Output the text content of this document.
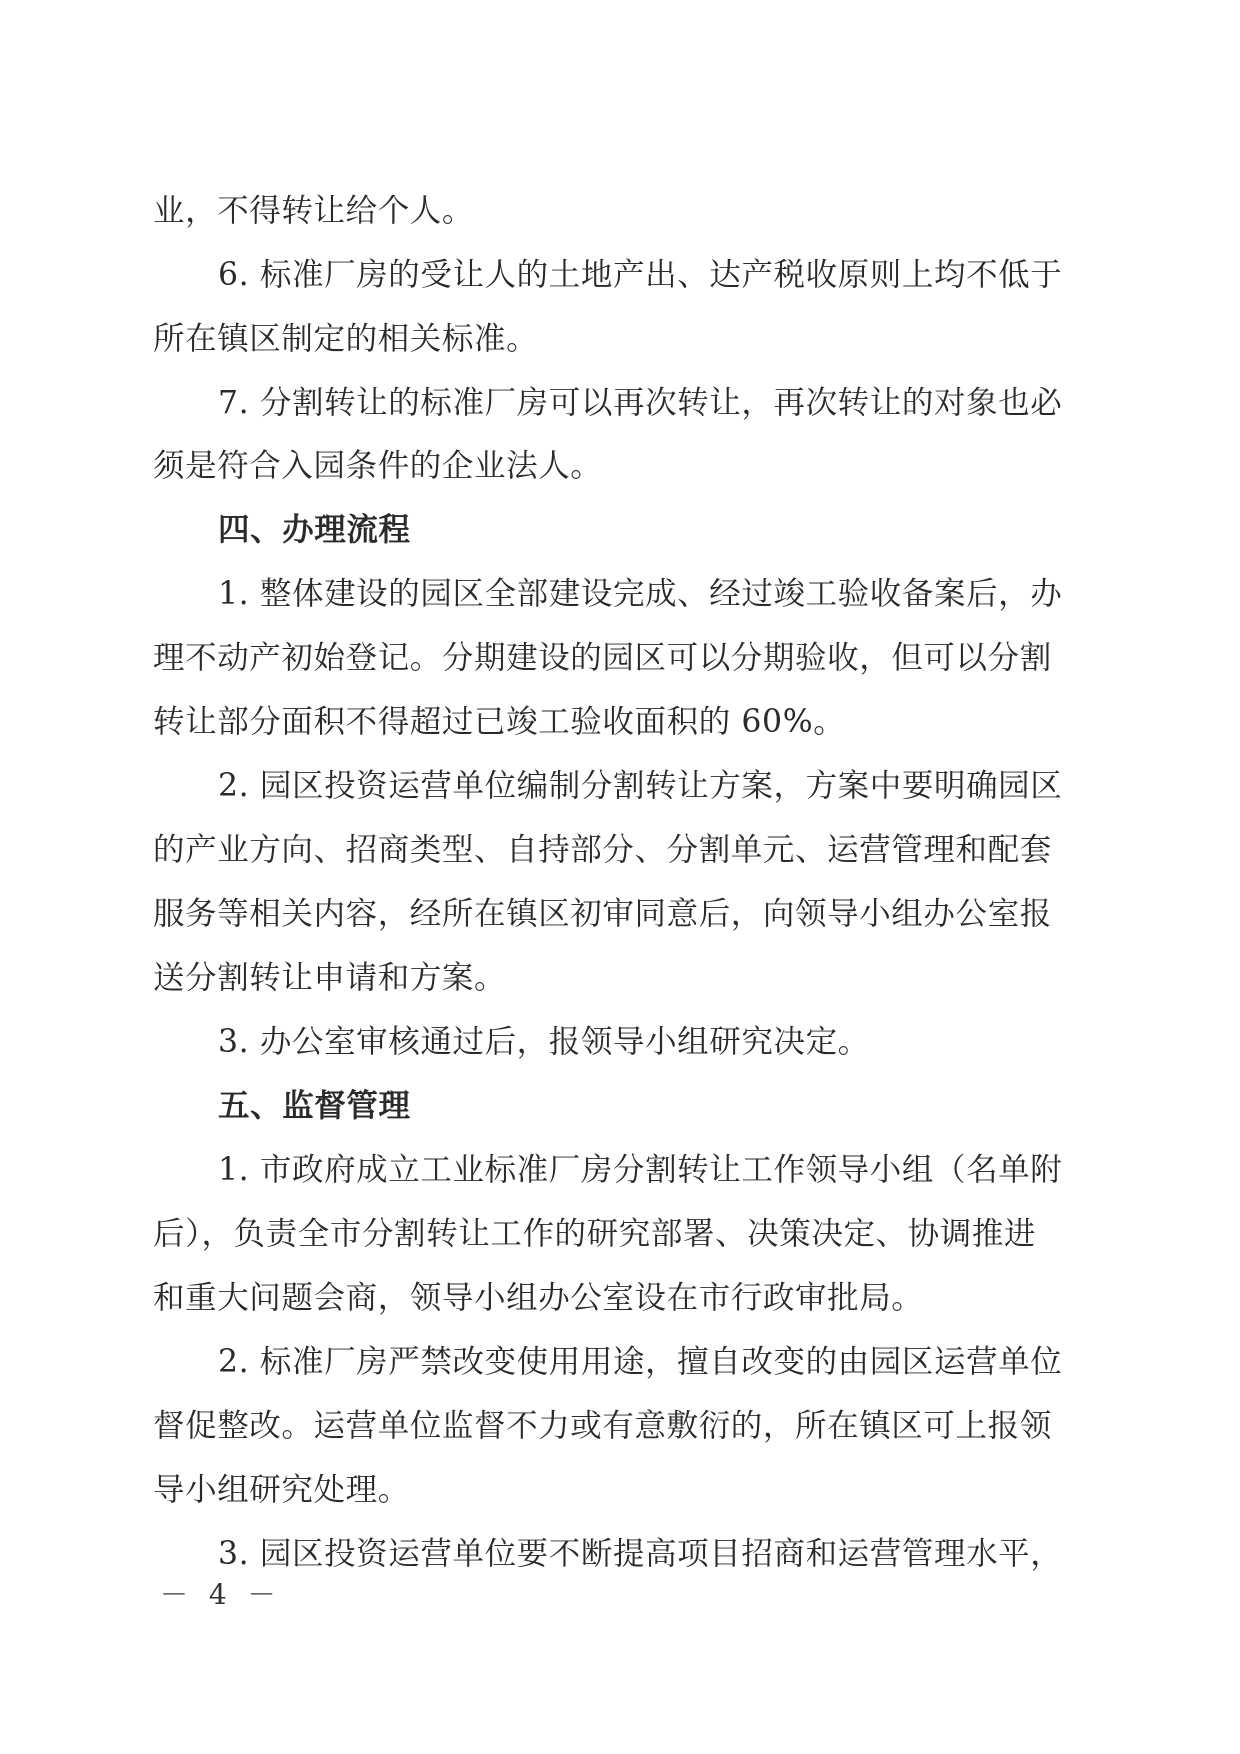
业，不得转让给个人。
6. 标准厂房的受让人的土地产出、达产税收原则上均不低于
所在镇区制定的相关标准。
7. 分割转让的标准厂房可以再次转让，再次转让的对象也必
须是符合入园条件的企业法人。
四、办理流程
1. 整体建设的园区全部建设完成、经过竣工验收备案后，办
理不动产初始登记。分期建设的园区可以分期验收，但可以分割
转让部分面积不得超过已竣工验收面积的 60%。
2. 园区投资运营单位编制分割转让方案，方案中要明确园区
的产业方向、招商类型、自持部分、分割单元、运营管理和配套
服务等相关内容，经所在镇区初审同意后，向领导小组办公室报
送分割转让申请和方案。
3. 办公室审核通过后，报领导小组研究决定。
五、监督管理
1. 市政府成立工业标准厂房分割转让工作领导小组（名单附
后），负责全市分割转让工作的研究部署、决策决定、协调推进
和重大问题会商，领导小组办公室设在市行政审批局。
2. 标准厂房严禁改变使用用途，擅自改变的由园区运营单位
督促整改。运营单位监督不力或有意敷衍的，所在镇区可上报领
导小组研究处理。
3. 园区投资运营单位要不断提高项目招商和运营管理水平，
－ 4 －
